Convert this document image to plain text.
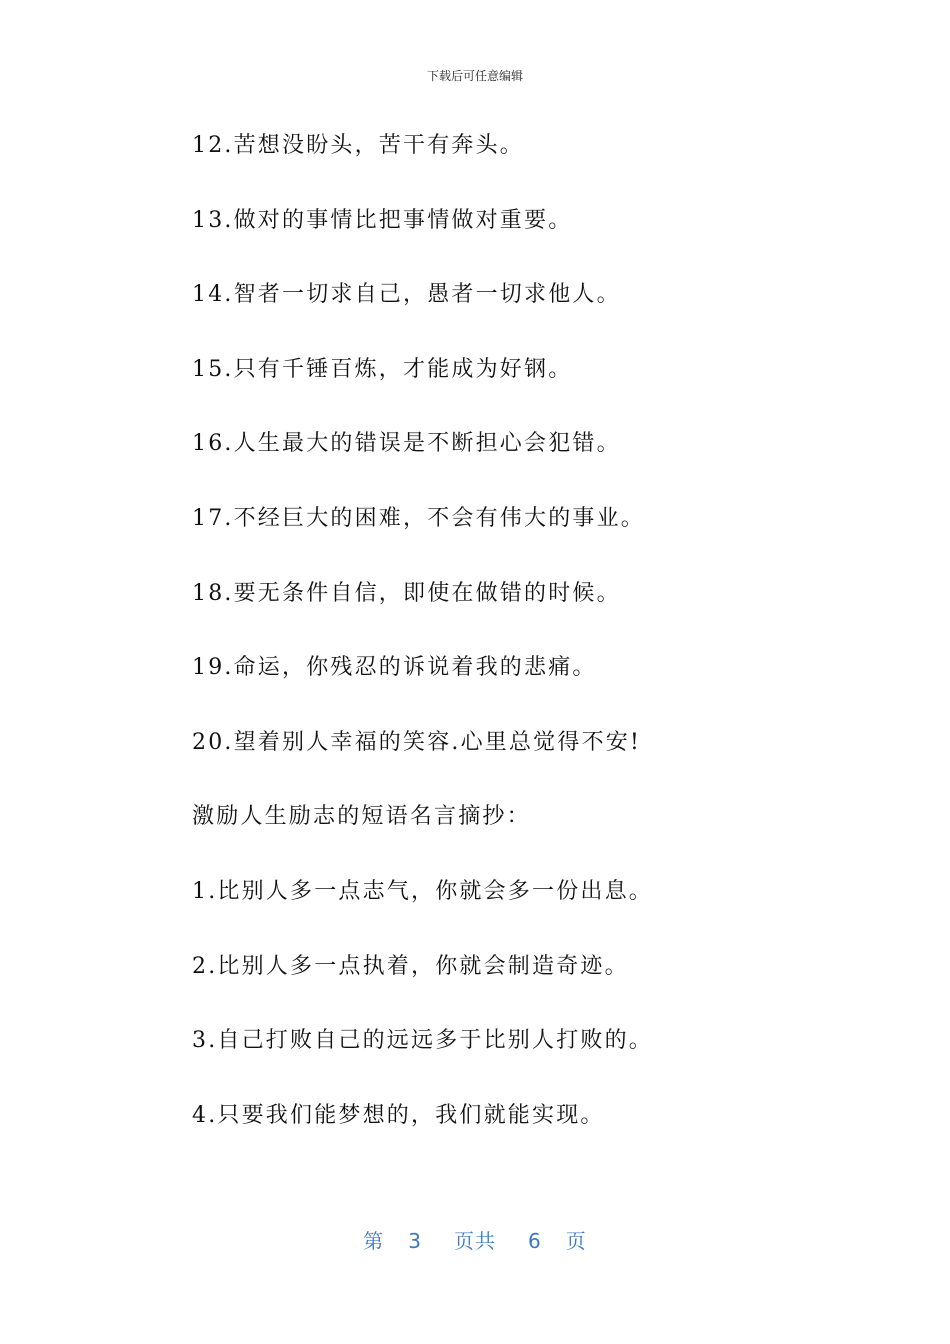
下载后可任意编辑
12.苦想没盼头，苦干有奔头。
13.做对的事情比把事情做对重要。
14.智者一切求自己，愚者一切求他人。
15.只有千锤百炼，才能成为好钢。
16.人生最大的错误是不断担心会犯错。
17.不经巨大的困难，不会有伟大的事业。
18.要无条件自信，即使在做错的时候。
19.命运，你残忍的诉说着我的悲痛。
20.望着别人幸福的笑容.心里总觉得不安!
激励人生励志的短语名言摘抄：
1.比别人多一点志气，你就会多一份出息。
2.比别人多一点执着，你就会制造奇迹。
3.自己打败自己的远远多于比别人打败的。
4.只要我们能梦想的，我们就能实现。
第 3 页共 6 页
